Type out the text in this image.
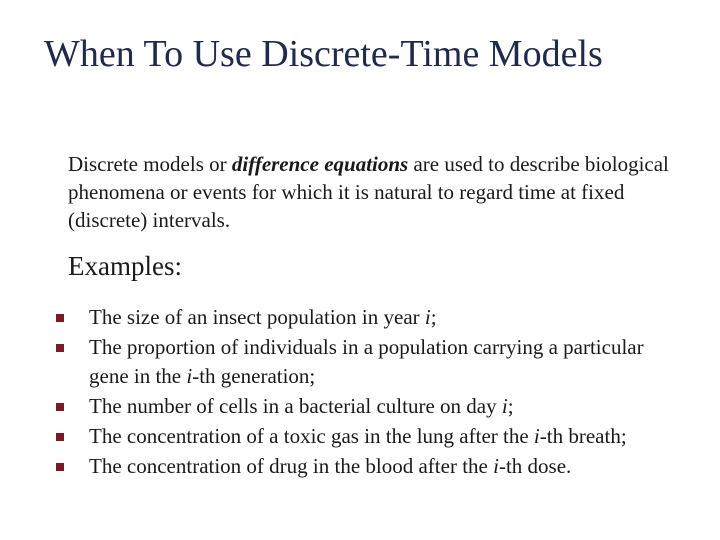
When To Use Discrete-Time Models

Discrete models or difference equations are used to describe biological phenomena or events for which it is natural to regard time at fixed (discrete) intervals.

Examples:
The size of an insect population in year i;
The proportion of individuals in a population carrying a particular gene in the i-th generation;
The number of cells in a bacterial culture on day i;
The concentration of a toxic gas in the lung after the i-th breath;
The concentration of drug in the blood after the i-th dose.
